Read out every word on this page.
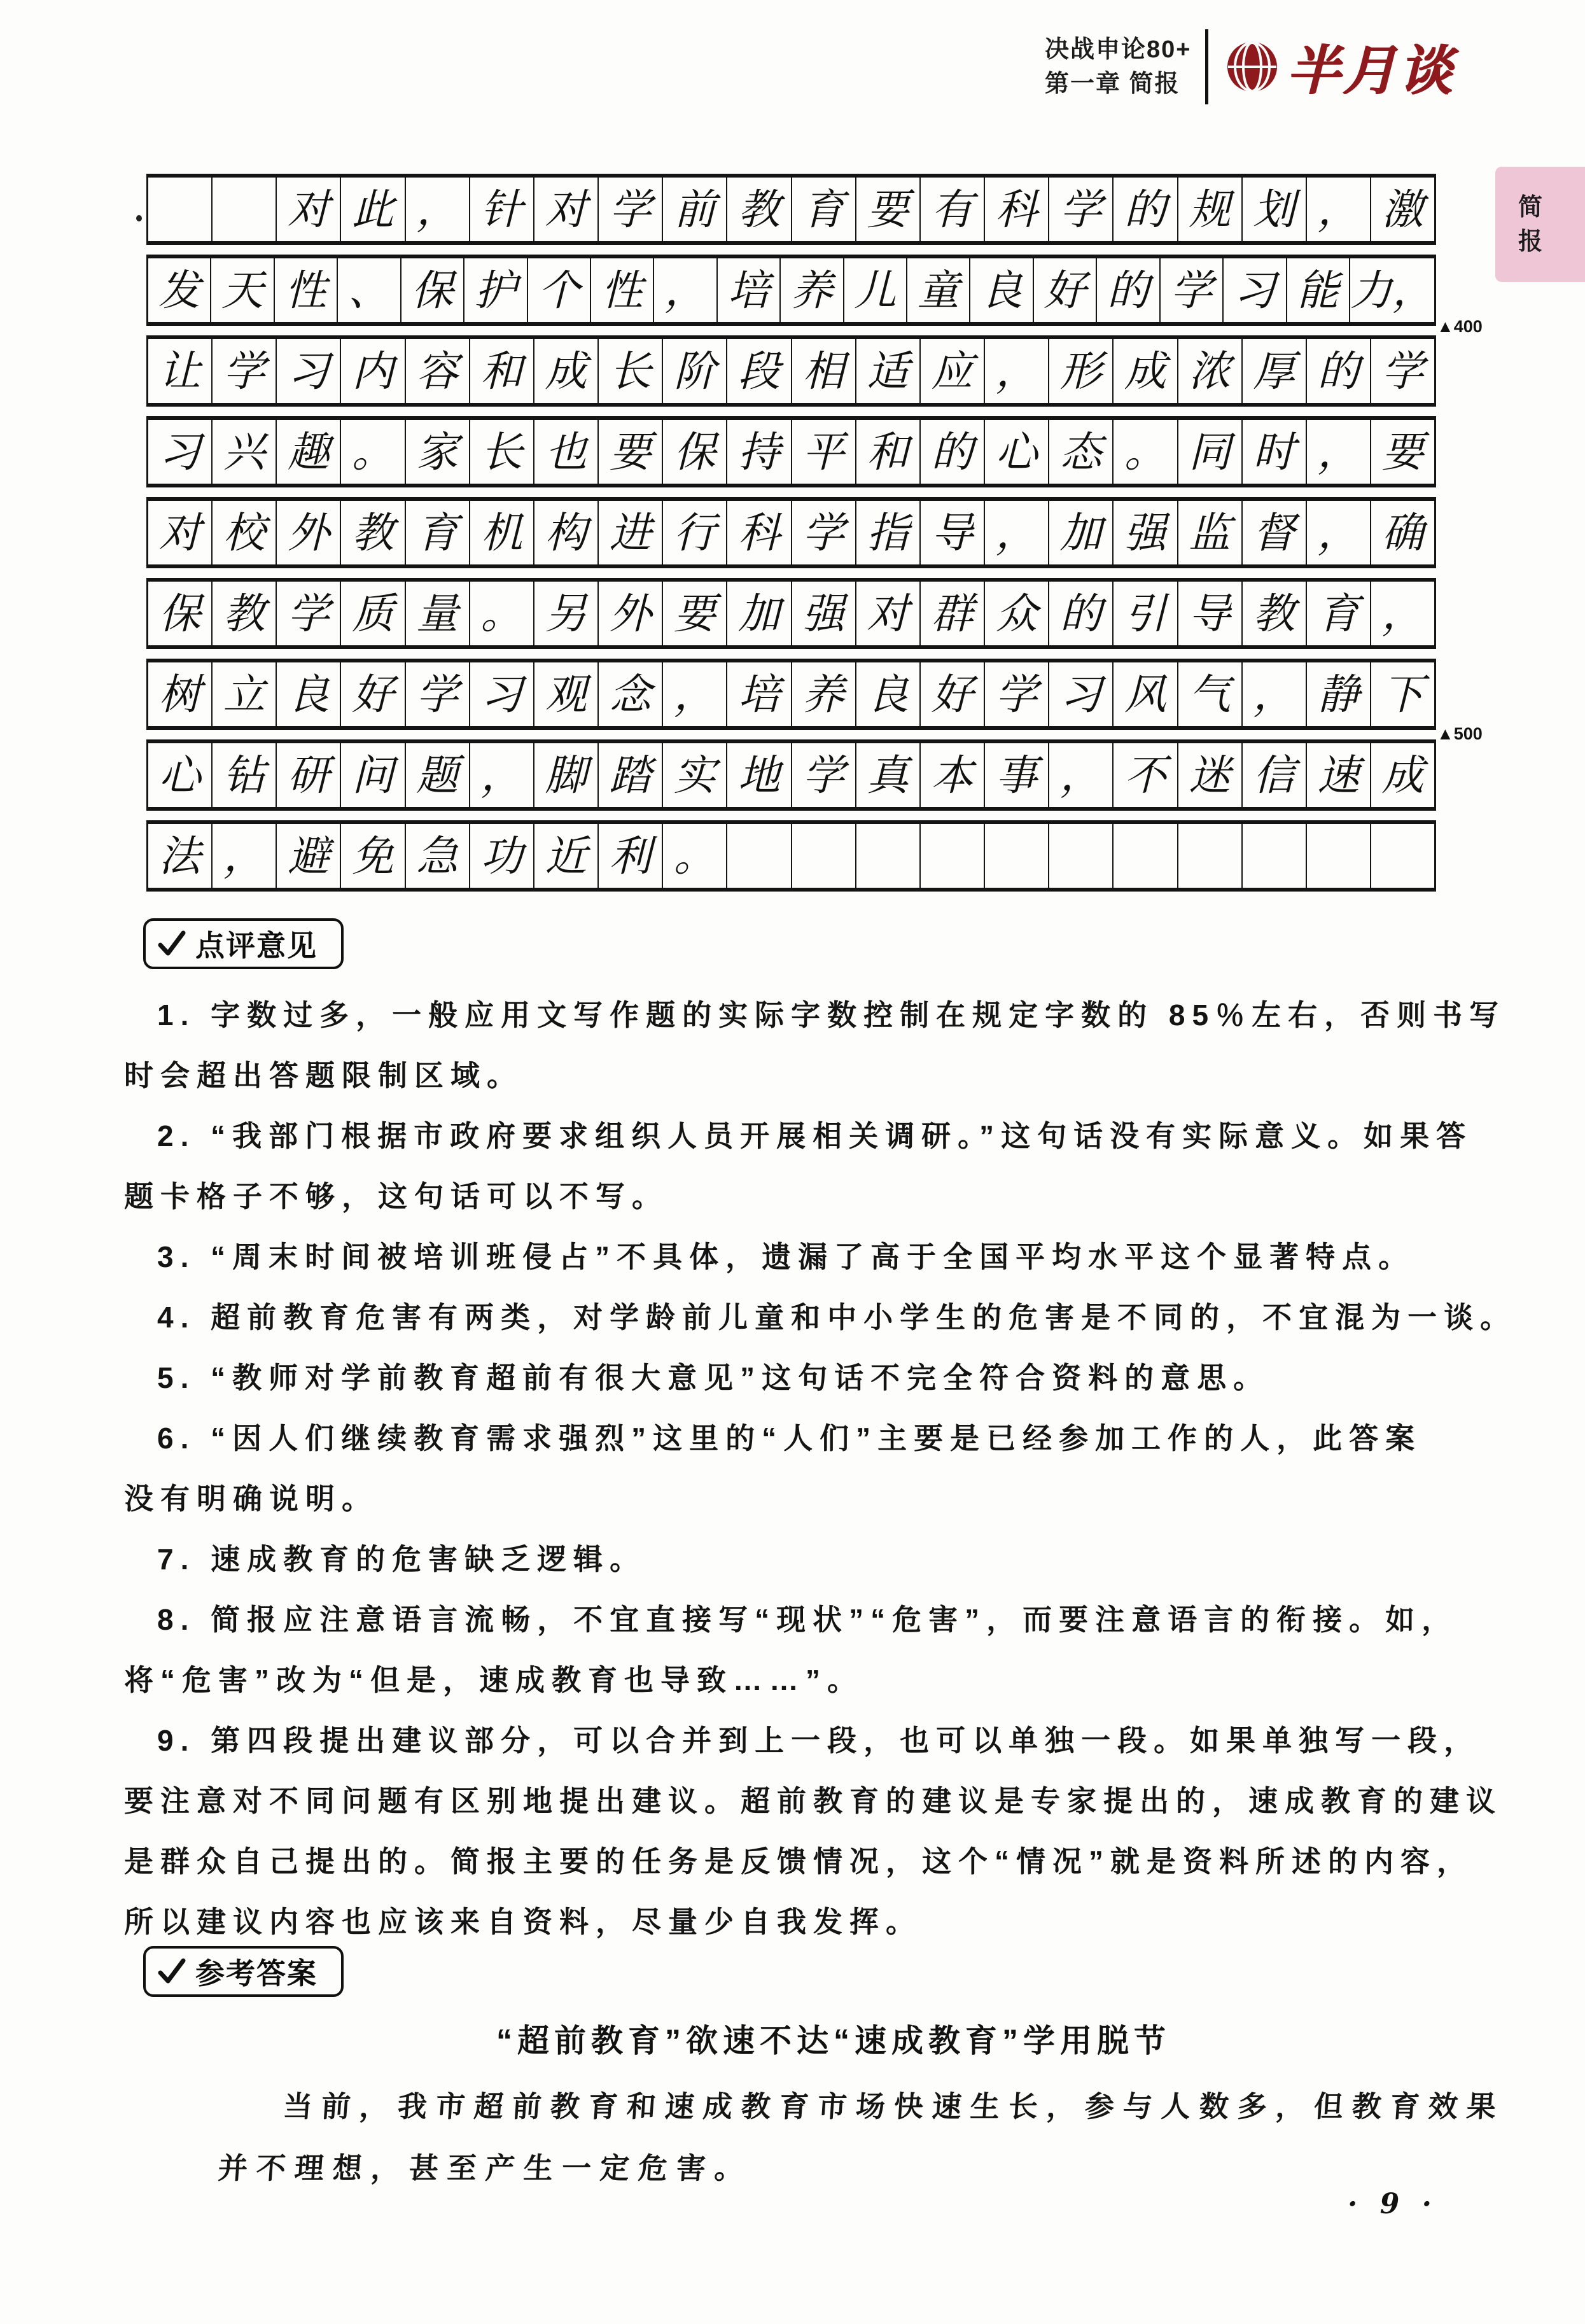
决战申论80+
第一章 简报 半月谈
简
报
对 此 ， 针 对 学 前 教 育 要 有 科 学 的 规 划 ， 激
发 天 性 、 保 护 个 性 ， 培 养 儿 童 良 好 的 学 习 能 力，
让 学 习 内 容 和 成 长 阶 段 相 适 应 ， 形 成 浓 厚 的 学
习 兴 趣 。 家 长 也 要 保 持 平 和 的 心 态 。 同 时 ， 要
对 校 外 教 育 机 构 进 行 科 学 指 导 ， 加 强 监 督 ， 确
保 教 学 质 量 。 另 外 要 加 强 对 群 众 的 引 导 教 育 ，
树 立 良 好 学 习 观 念 ， 培 养 良 好 学 习 风 气 ， 静 下
心 钻 研 问 题 ， 脚 踏 实 地 学 真 本 事 ， 不 迷 信 速 成
法 ， 避 免 急 功 近 利 。
▲400
▲500
点评意见
1. 字数过多，一般应用文写作题的实际字数控制在规定字数的 85％左右，否则书写
时会超出答题限制区域。
2. “我部门根据市政府要求组织人员开展相关调研。”这句话没有实际意义。如果答
题卡格子不够，这句话可以不写。
3. “周末时间被培训班侵占”不具体，遗漏了高于全国平均水平这个显著特点。
4. 超前教育危害有两类，对学龄前儿童和中小学生的危害是不同的，不宜混为一谈。
5. “教师对学前教育超前有很大意见”这句话不完全符合资料的意思。
6. “因人们继续教育需求强烈”这里的“人们”主要是已经参加工作的人，此答案
没有明确说明。
7. 速成教育的危害缺乏逻辑。
8. 简报应注意语言流畅，不宜直接写“现状”“危害”，而要注意语言的衔接。如，
将“危害”改为“但是，速成教育也导致……”。
9. 第四段提出建议部分，可以合并到上一段，也可以单独一段。如果单独写一段，
要注意对不同问题有区别地提出建议。超前教育的建议是专家提出的，速成教育的建议
是群众自己提出的。简报主要的任务是反馈情况，这个“情况”就是资料所述的内容，
所以建议内容也应该来自资料，尽量少自我发挥。
参考答案
“超前教育”欲速不达“速成教育”学用脱节
当前，我市超前教育和速成教育市场快速生长，参与人数多，但教育效果
并不理想，甚至产生一定危害。
· 9 ·
